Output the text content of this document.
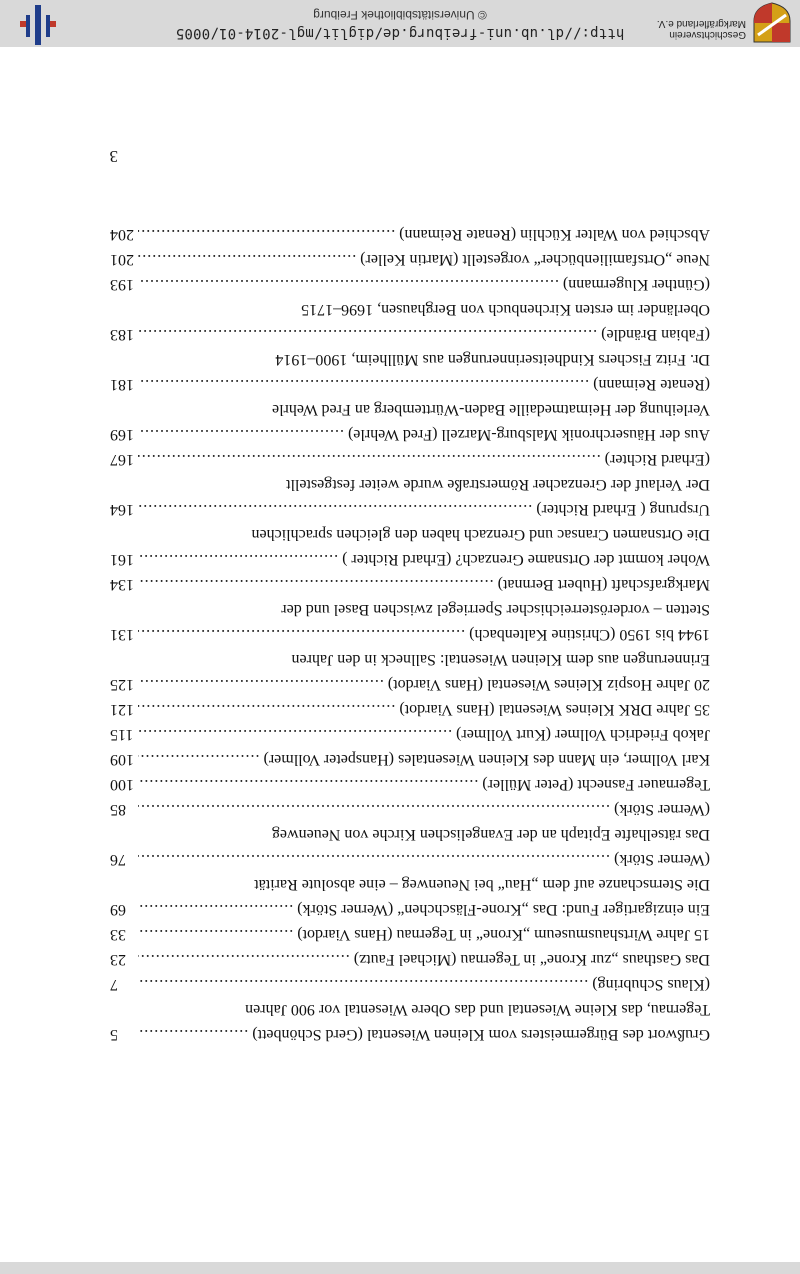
Grußwort des Bürgermeisters vom Kleinen Wiesental (Gerd Schönbett)
.....
5
Tegernau, das Kleine Wiesental und das Obere Wiesental vor 900 Jahren
(Klaus Schubring)
.....
7
Das Gasthaus „zur Krone“ in Tegernau (Michael Fautz)
.....
23
15 Jahre Wirtshausmuseum „Krone“ in Tegernau (Hans Viardot)
.....
33
Ein einzigartiger Fund: Das „Krone-Fläschchen“ (Werner Störk)
.....
69
Die Sternschanze auf dem „Hau“ bei Neuenweg – eine absolute Rarität
(Werner Störk)
.....
76
Das rätselhafte Epitaph an der Evangelischen Kirche von Neuenweg
(Werner Störk)
.....
85
Tegernauer Fasnecht (Peter Müller)
.....
100
Karl Vollmer, ein Mann des Kleinen Wiesentales (Hanspeter Vollmer)
.....
109
Jakob Friedrich Vollmer (Kurt Vollmer)
.....
115
35 Jahre DRK Kleines Wiesental (Hans Viardot)
.....
121
20 Jahre Hospiz Kleines Wiesental (Hans Viardot)
.....
125
Erinnerungen aus dem Kleinen Wiesental: Sallneck in den Jahren
1944 bis 1950 (Christine Kaltenbach)
.....
131
Stetten – vorderösterreichischer Sperriegel zwischen Basel und der
Markgrafschaft (Hubert Bernnat)
.....
134
Woher kommt der Ortsname Grenzach? (Erhard Richter )
.....
161
Die Ortsnamen Cransac und Grenzach haben den gleichen sprachlichen
Ursprung ( Erhard Richter)
.....
164
Der Verlauf der Grenzacher Römerstraße wurde weiter festgestellt
(Erhard Richter)
.....
167
Aus der Häuserchronik Malsburg-Marzell (Fred Wehrle)
.....
169
Verleihung der Heimatmedaille Baden-Württemberg an Fred Wehrle
(Renate Reimann)
.....
181
Dr. Fritz Fischers Kindheitserinnerungen aus Müllheim, 1900–1914
(Fabian Brändle)
.....
183
Oberländer im ersten Kirchenbuch von Berghausen, 1696–1715
(Günther Klugermann)
.....
193
Neue „Ortsfamilienbücher“ vorgestellt (Martin Keller)
.....
201
Abschied von Walter Küchlin (Renate Reimann)
.....
204
3
Geschichtsverein
Markgräflerland e.V.
http://dl.ub.uni-freiburg.de/diglit/mgl-2014-01/0005
© Universitätsbibliothek Freiburg
